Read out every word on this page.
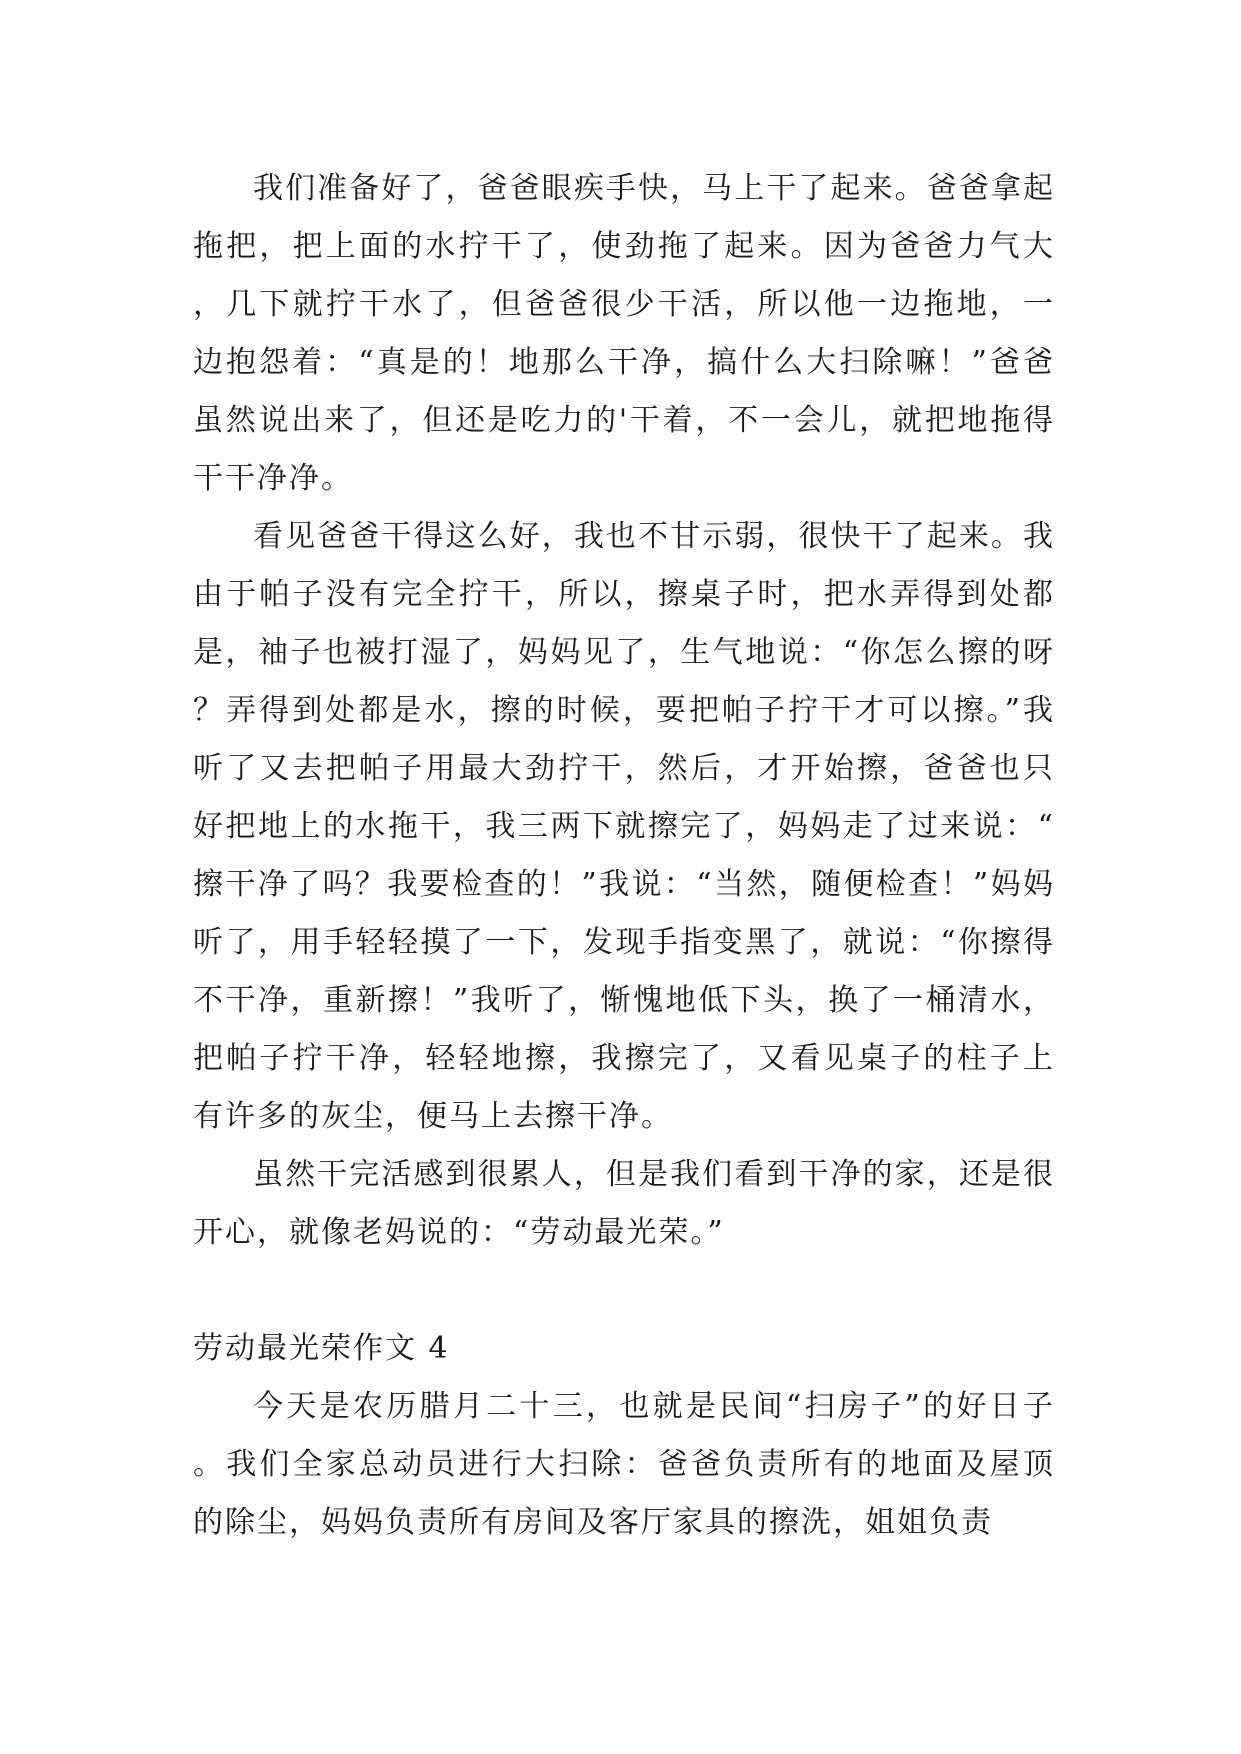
我们准备好了，爸爸眼疾手快，马上干了起来。爸爸拿起拖把，把上面的水拧干了，使劲拖了起来。因为爸爸力气大，几下就拧干水了，但爸爸很少干活，所以他一边拖地，一边抱怨着：“真是的！地那么干净，搞什么大扫除嘛！”爸爸虽然说出来了，但还是吃力的'干着，不一会儿，就把地拖得干干净净。

看见爸爸干得这么好，我也不甘示弱，很快干了起来。我由于帕子没有完全拧干，所以，擦桌子时，把水弄得到处都是，袖子也被打湿了，妈妈见了，生气地说：“你怎么擦的呀？弄得到处都是水，擦的时候，要把帕子拧干才可以擦。”我听了又去把帕子用最大劲拧干，然后，才开始擦，爸爸也只好把地上的水拖干，我三两下就擦完了，妈妈走了过来说：“擦干净了吗？我要检查的！”我说：“当然，随便检查！”妈妈听了，用手轻轻摸了一下，发现手指变黑了，就说：“你擦得不干净，重新擦！”我听了，惭愧地低下头，换了一桶清水，把帕子拧干净，轻轻地擦，我擦完了，又看见桌子的柱子上有许多的灰尘，便马上去擦干净。

虽然干完活感到很累人，但是我们看到干净的家，还是很开心，就像老妈说的：“劳动最光荣。”

劳动最光荣作文 4

今天是农历腊月二十三，也就是民间“扫房子”的好日子。我们全家总动员进行大扫除：爸爸负责所有的地面及屋顶的除尘，妈妈负责所有房间及客厅家具的擦洗，姐姐负责
